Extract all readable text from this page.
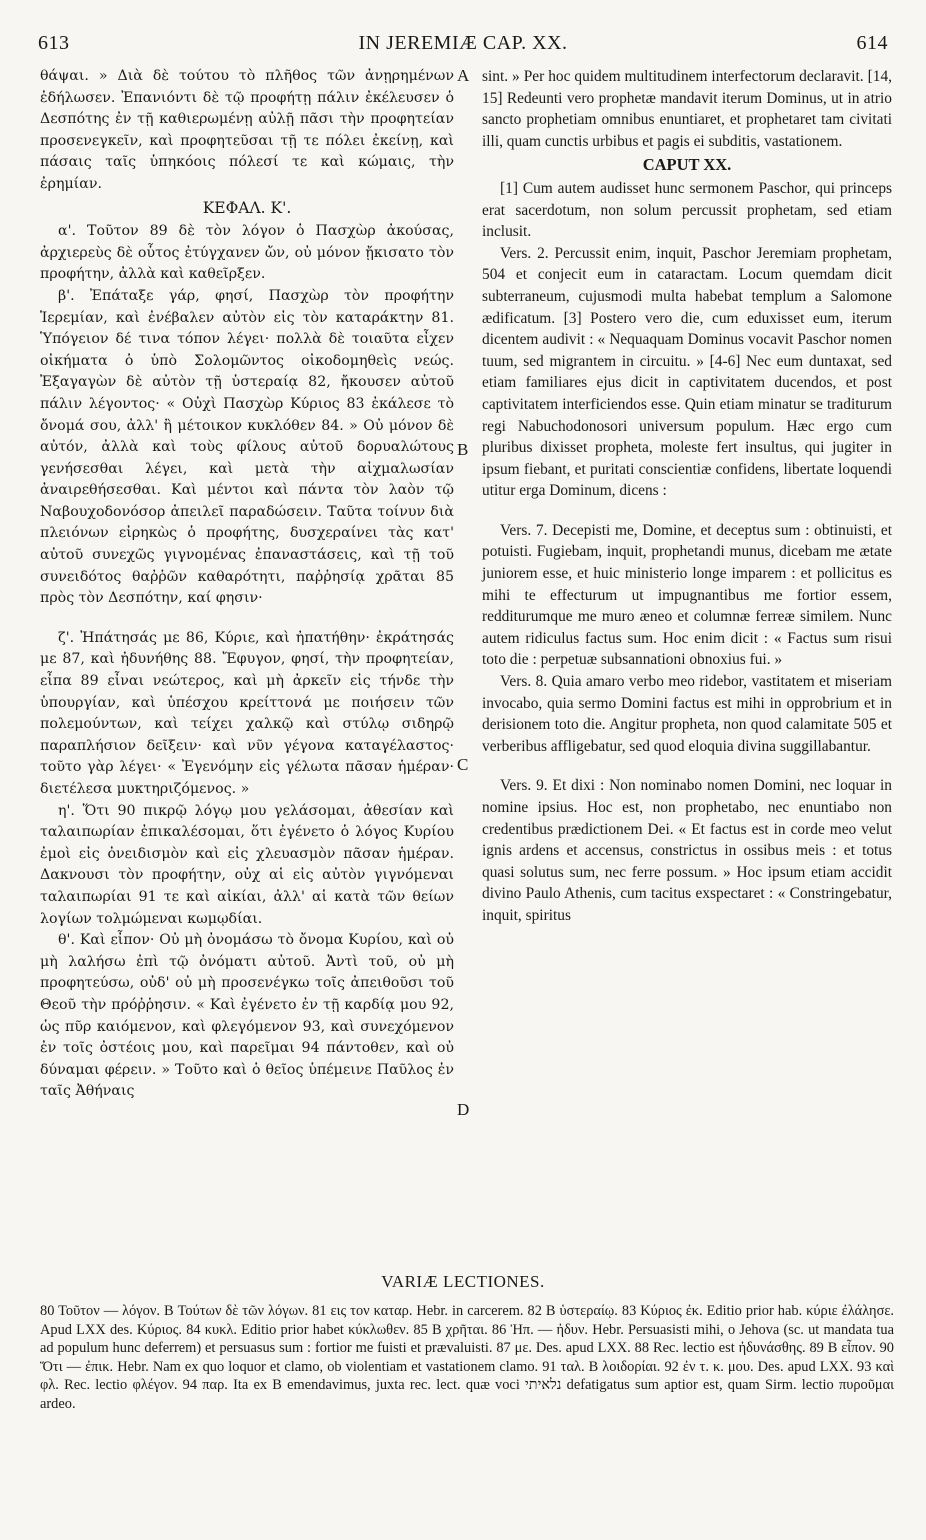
613	IN JEREMIÆ CAP. XX.	614

θάψαι. » Διὰ δὲ τούτου τὸ πλῆθος τῶν ἀνῃρημένων ἐδήλωσεν. Ἐπανιόντι δὲ τῷ προφήτῃ πάλιν ἐκέλευσεν ὁ Δεσπότης ἐν τῇ καθιερωμένῃ αὐλῇ πᾶσι τὴν προφητείαν προσενεγκεῖν, καὶ προφητεῦσαι τῇ τε πόλει ἐκείνῃ, καὶ πάσαις ταῖς ὑπηκόοις πόλεσί τε καὶ κώμαις, τὴν ἐρημίαν.

ΚΕΦΑΛ. Κ'.

α'. Τοῦτον 89 δὲ τὸν λόγον ὁ Πασχὼρ ἀκούσας, ἀρχιερεὺς δὲ οὗτος ἐτύγχανεν ὤν, οὐ μόνον ᾔκισατο τὸν προφήτην, ἀλλὰ καὶ καθεῖρξεν.

β'. Ἐπάταξε γάρ, φησί, Πασχὼρ τὸν προφήτην Ἱερεμίαν, καὶ ἐνέβαλεν αὐτὸν εἰς τὸν καταράκτην 81. Ὑπόγειον δέ τινα τόπον λέγει· πολλὰ δὲ τοιαῦτα εἶχεν οἰκήματα ὁ ὑπὸ Σολομῶντος οἰκοδομηθεὶς νεώς. Ἐξαγαγὼν δὲ αὐτὸν τῇ ὑστεραίᾳ 82, ἤκουσεν αὐτοῦ πάλιν λέγοντος· « Οὐχὶ Πασχὼρ Κύριος 83 ἐκάλεσε τὸ ὄνομά σου, ἀλλ' ἢ μέτοικον κυκλόθεν 84. » Οὐ μόνον δὲ αὐτόν, ἀλλὰ καὶ τοὺς φίλους αὐτοῦ δορυαλώτους γενήσεσθαι λέγει, καὶ μετὰ τὴν αἰχμαλωσίαν ἀναιρεθήσεσθαι. Καὶ μέντοι καὶ πάντα τὸν λαὸν τῷ Ναβουχοδονόσορ ἀπειλεῖ παραδώσειν. Ταῦτα τοίνυν διὰ πλειόνων εἰρηκὼς ὁ προφήτης, δυσχεραίνει τὰς κατ' αὐτοῦ συνεχῶς γιγνομένας ἐπαναστάσεις, καὶ τῇ τοῦ συνειδότος θαῤῥῶν καθαρότητι, παῤῥησίᾳ χρᾶται 85 πρὸς τὸν Δεσπότην, καί φησιν·

ζ'. Ἠπάτησάς με 86, Κύριε, καὶ ἠπατήθην· ἐκράτησάς με 87, καὶ ἠδυνήθης 88. Ἔφυγον, φησί, τὴν προφητείαν, εἶπα 89 εἶναι νεώτερος, καὶ μὴ ἀρκεῖν εἰς τήνδε τὴν ὑπουργίαν, καὶ ὑπέσχου κρείττονά με ποιήσειν τῶν πολεμούντων, καὶ τείχει χαλκῷ καὶ στύλῳ σιδηρῷ παραπλήσιον δεῖξειν· καὶ νῦν γέγονα καταγέλαστος· τοῦτο γὰρ λέγει· « Ἐγενόμην εἰς γέλωτα πᾶσαν ἡμέραν· διετέλεσα μυκτηριζόμενος. »

η'. Ὅτι 90 πικρῷ λόγῳ μου γελάσομαι, ἀθεσίαν καὶ ταλαιπωρίαν ἐπικαλέσομαι, ὅτι ἐγένετο ὁ λόγος Κυρίου ἐμοὶ εἰς ὀνειδισμὸν καὶ εἰς χλευασμὸν πᾶσαν ἡμέραν. Δακνουσι τὸν προφήτην, οὐχ αἱ εἰς αὐτὸν γιγνόμεναι ταλαιπωρίαι 91 τε καὶ αἰκίαι, ἀλλ' αἱ κατὰ τῶν θείων λογίων τολμώμεναι κωμῳδίαι.

θ'. Καὶ εἶπον· Οὐ μὴ ὀνομάσω τὸ ὄνομα Κυρίου, καὶ οὐ μὴ λαλήσω ἐπὶ τῷ ὀνόματι αὐτοῦ. Ἀντὶ τοῦ, οὐ μὴ προφητεύσω, οὐδ' οὐ μὴ προσενέγκω τοῖς ἀπειθοῦσι τοῦ Θεοῦ τὴν πρόῤῥησιν. « Καὶ ἐγένετο ἐν τῇ καρδίᾳ μου 92, ὡς πῦρ καιόμενον, καὶ φλεγόμενον 93, καὶ συνεχόμενον ἐν τοῖς ὀστέοις μου, καὶ παρεῖμαι 94 πάντοθεν, καὶ οὐ δύναμαι φέρειν. » Τοῦτο καὶ ὁ θεῖος ὑπέμεινε Παῦλος ἐν ταῖς Ἀθήναις

A
B
C
D

sint. » Per hoc quidem multitudinem interfectorum declaravit. [14, 15] Redeunti vero prophetæ mandavit iterum Dominus, ut in atrio sancto prophetiam omnibus enuntiaret, et prophetaret tam civitati illi, quam cunctis urbibus et pagis ei subditis, vastationem.

CAPUT XX.

[1] Cum autem audisset hunc sermonem Paschor, qui princeps erat sacerdotum, non solum percussit prophetam, sed etiam inclusit.

Vers. 2. Percussit enim, inquit, Paschor Jeremiam prophetam, 504 et conjecit eum in cataractam. Locum quemdam dicit subterraneum, cujusmodi multa habebat templum a Salomone ædificatum. [3] Postero vero die, cum eduxisset eum, iterum dicentem audivit : « Nequaquam Dominus vocavit Paschor nomen tuum, sed migrantem in circuitu. » [4-6] Nec eum duntaxat, sed etiam familiares ejus dicit in captivitatem ducendos, et post captivitatem interficiendos esse. Quin etiam minatur se traditurum regi Nabuchodonosori universum populum. Hæc ergo cum pluribus dixisset propheta, moleste fert insultus, qui jugiter in ipsum fiebant, et puritati conscientiæ confidens, libertate loquendi utitur erga Dominum, dicens :

Vers. 7. Decepisti me, Domine, et deceptus sum : obtinuisti, et potuisti. Fugiebam, inquit, prophetandi munus, dicebam me ætate juniorem esse, et huic ministerio longe imparem : et pollicitus es mihi te effecturum ut impugnantibus me fortior essem, redditurumque me muro æneo et columnæ ferreæ similem. Nunc autem ridiculus factus sum. Hoc enim dicit : « Factus sum risui toto die : perpetuæ subsannationi obnoxius fui. »

Vers. 8. Quia amaro verbo meo ridebor, vastitatem et miseriam invocabo, quia sermo Domini factus est mihi in opprobrium et in derisionem toto die. Angitur propheta, non quod calamitate 505 et verberibus affligebatur, sed quod eloquia divina suggillabantur.

Vers. 9. Et dixi : Non nominabo nomen Domini, nec loquar in nomine ipsius. Hoc est, non prophetabo, nec enuntiabo non credentibus prædictionem Dei. « Et factus est in corde meo velut ignis ardens et accensus, constrictus in ossibus meis : et totus quasi solutus sum, nec ferre possum. » Hoc ipsum etiam accidit divino Paulo Athenis, cum tacitus exspectaret : « Constringebatur, inquit, spiritus

VARIÆ LECTIONES.

80 Τοῦτον — λόγον. B Τούτων δὲ τῶν λόγων. 81 εις τον καταρ. Hebr. in carcerem. 82 B ὑστεραίῳ. 83 Κύριος ἐκ. Editio prior hab. κύριε ἐλάλησε. Apud LXX des. Κύριος. 84 κυκλ. Editio prior habet κύκλωθεν. 85 B χρῆται. 86 Ἠπ. — ἠδυν. Hebr. Persuasisti mihi, o Jehova (sc. ut mandata tua ad populum hunc deferrem) et persuasus sum : fortior me fuisti et prævaluisti. 87 με. Des. apud LXX. 88 Rec. lectio est ἠδυνάσθης. 89 B εἶπον. 90 Ὅτι — ἐπικ. Hebr. Nam ex quo loquor et clamo, ob violentiam et vastationem clamo. 91 ταλ. B λοιδορίαι. 92 ἐν τ. κ. μου. Des. apud LXX. 93 καὶ φλ. Rec. lectio φλέγον. 94 παρ. Ita ex B emendavimus, juxta rec. lect. quæ voci נלאיתי defatigatus sum aptior est, quam Sirm. lectio πυροῦμαι ardeo.
